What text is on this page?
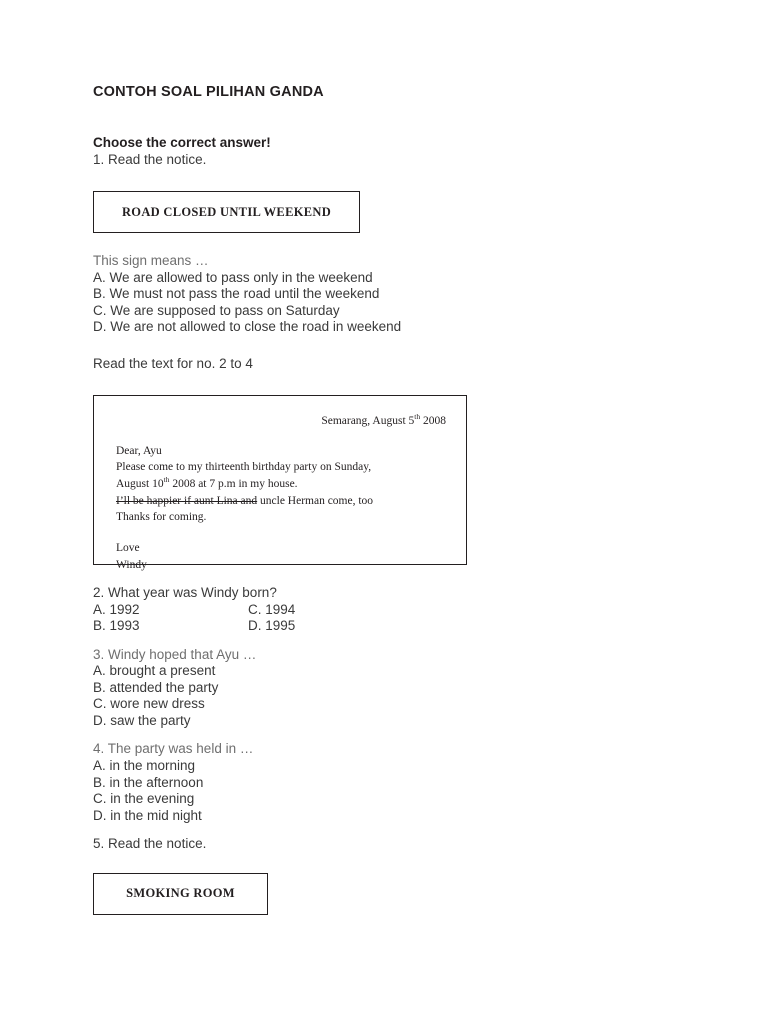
CONTOH SOAL PILIHAN GANDA
Choose the correct answer!
1. Read the notice.
ROAD CLOSED UNTIL WEEKEND
This sign means …
A. We are allowed to pass only in the weekend
B. We must not pass the road until the weekend
C. We are supposed to pass on Saturday
D. We are not allowed to close the road in weekend
Read the text for no. 2 to 4
Semarang, August 5th 2008
Dear, Ayu
Please come to my thirteenth birthday party on Sunday,
August 10th 2008 at 7 p.m in my house.
I’ll be happier if aunt Lina and uncle Herman come, too
Thanks for coming.
Love
Windy
2. What year was Windy born?
A. 1992	C. 1994
B. 1993	D. 1995
3. Windy hoped that Ayu …
A. brought a present
B. attended the party
C. wore new dress
D. saw the party
4. The party was held in …
A. in the morning
B. in the afternoon
C. in the evening
D. in the mid night
5. Read the notice.
SMOKING ROOM
